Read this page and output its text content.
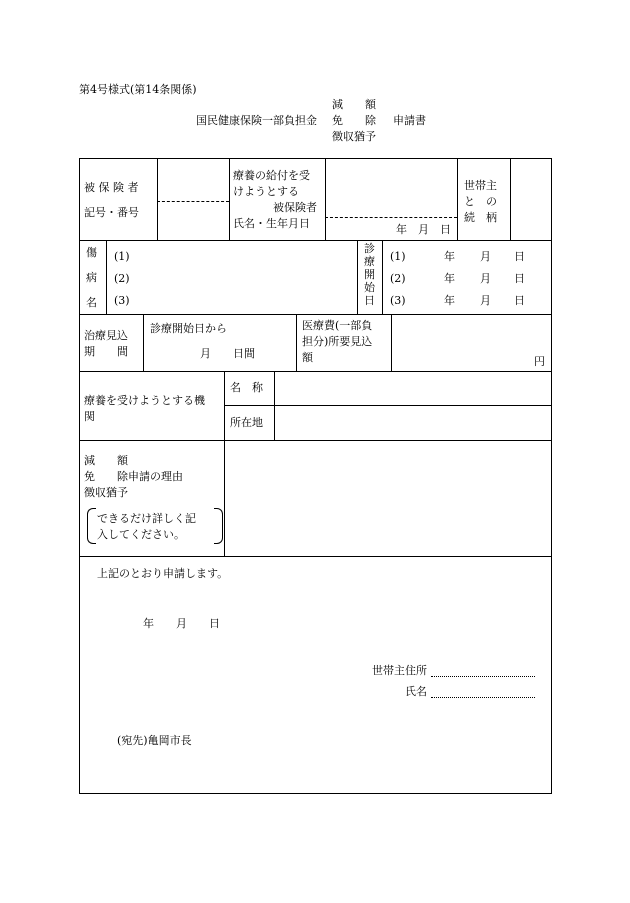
第4号様式(第14条関係)
国民健康保険一部負担金
減　　額
免　　除
徴収猶予
申請書
被 保 険 者
記号・番号
療養の給付を受
けようとする
被保険者
氏名・生年月日	年　月　日
世帯主
と　の
続　柄
傷
病
名
(1)
(2)
(3)
診
療
開
始
日
(1)
(2)
(3)
年 月 日
年 月 日
年 月 日
治療見込
期　　間
診療開始日から
月　　日間
医療費(一部負
担分)所要見込
額	円
療養を受けようとする機
関
名　称
所在地
減　　額
免　　除申請の理由
徴収猶予
できるだけ詳しく記
入してください。
上記のとおり申請します。
年　　月　　日
世帯主住所
氏名
(宛先)亀岡市長
